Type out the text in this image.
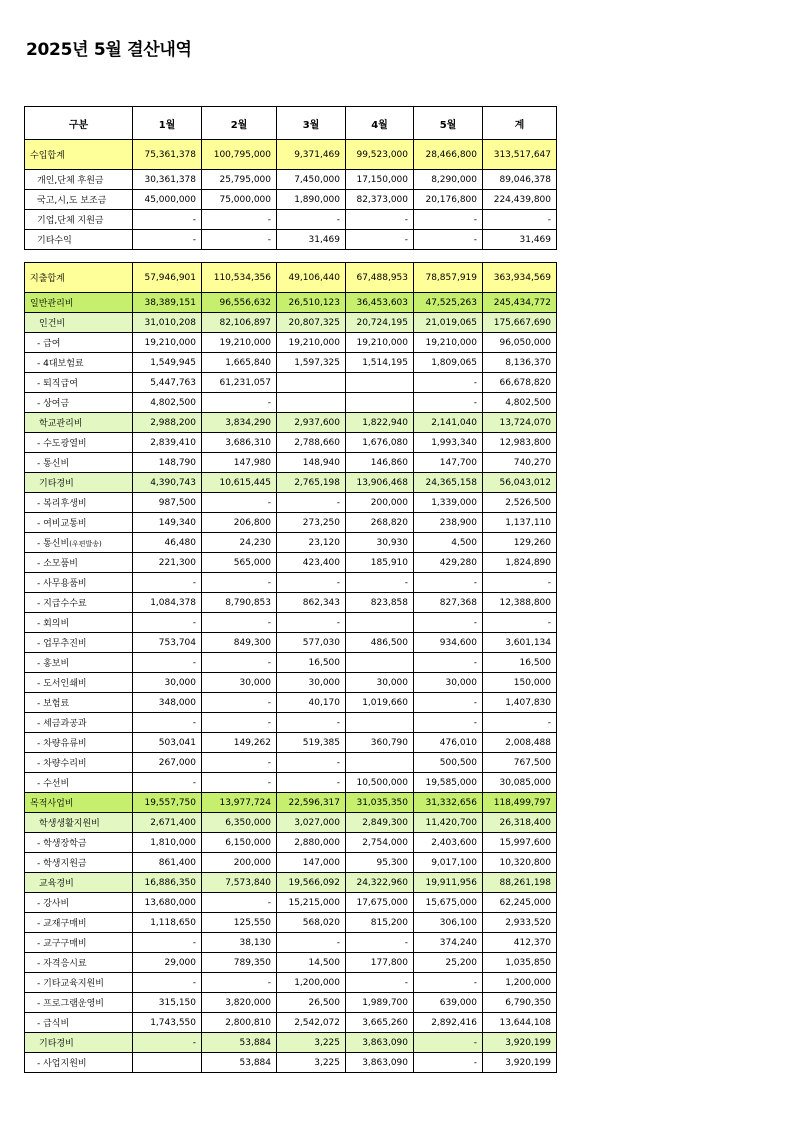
2025년 5월 결산내역
구분	1월	2월	3월	4월	5월	계
수입합계	75,361,378	100,795,000	9,371,469	99,523,000	28,466,800	313,517,647
개인,단체 후원금	30,361,378	25,795,000	7,450,000	17,150,000	8,290,000	89,046,378
국고,시,도 보조금	45,000,000	75,000,000	1,890,000	82,373,000	20,176,800	224,439,800
기업,단체 지원금	-	-	-	-	-	-
기타수익	-	-	31,469	-	-	31,469
지출합계	57,946,901	110,534,356	49,106,440	67,488,953	78,857,919	363,934,569
일반관리비	38,389,151	96,556,632	26,510,123	36,453,603	47,525,263	245,434,772
인건비	31,010,208	82,106,897	20,807,325	20,724,195	21,019,065	175,667,690
- 급여	19,210,000	19,210,000	19,210,000	19,210,000	19,210,000	96,050,000
- 4대보험료	1,549,945	1,665,840	1,597,325	1,514,195	1,809,065	8,136,370
- 퇴직급여	5,447,763	61,231,057			-	66,678,820
- 상여금	4,802,500	-			-	4,802,500
학교관리비	2,988,200	3,834,290	2,937,600	1,822,940	2,141,040	13,724,070
- 수도광열비	2,839,410	3,686,310	2,788,660	1,676,080	1,993,340	12,983,800
- 통신비	148,790	147,980	148,940	146,860	147,700	740,270
기타경비	4,390,743	10,615,445	2,765,198	13,906,468	24,365,158	56,043,012
- 복리후생비	987,500	-	-	200,000	1,339,000	2,526,500
- 여비교통비	149,340	206,800	273,250	268,820	238,900	1,137,110
- 통신비(우편발송)	46,480	24,230	23,120	30,930	4,500	129,260
- 소모품비	221,300	565,000	423,400	185,910	429,280	1,824,890
- 사무용품비	-	-	-	-	-	-
- 지급수수료	1,084,378	8,790,853	862,343	823,858	827,368	12,388,800
- 회의비	-	-	-		-	-
- 업무추진비	753,704	849,300	577,030	486,500	934,600	3,601,134
- 홍보비	-	-	16,500		-	16,500
- 도서인쇄비	30,000	30,000	30,000	30,000	30,000	150,000
- 보험료	348,000	-	40,170	1,019,660	-	1,407,830
- 세금과공과	-	-	-		-	-
- 차량유류비	503,041	149,262	519,385	360,790	476,010	2,008,488
- 차량수리비	267,000	-	-		500,500	767,500
- 수선비	-	-	-	10,500,000	19,585,000	30,085,000
목적사업비	19,557,750	13,977,724	22,596,317	31,035,350	31,332,656	118,499,797
학생생활지원비	2,671,400	6,350,000	3,027,000	2,849,300	11,420,700	26,318,400
- 학생장학금	1,810,000	6,150,000	2,880,000	2,754,000	2,403,600	15,997,600
- 학생지원금	861,400	200,000	147,000	95,300	9,017,100	10,320,800
교육경비	16,886,350	7,573,840	19,566,092	24,322,960	19,911,956	88,261,198
- 강사비	13,680,000	-	15,215,000	17,675,000	15,675,000	62,245,000
- 교재구매비	1,118,650	125,550	568,020	815,200	306,100	2,933,520
- 교구구매비	-	38,130	-	-	374,240	412,370
- 자격응시료	29,000	789,350	14,500	177,800	25,200	1,035,850
- 기타교육지원비	-	-	1,200,000	-	-	1,200,000
- 프로그램운영비	315,150	3,820,000	26,500	1,989,700	639,000	6,790,350
- 급식비	1,743,550	2,800,810	2,542,072	3,665,260	2,892,416	13,644,108
기타경비	-	53,884	3,225	3,863,090	-	3,920,199
- 사업지원비		53,884	3,225	3,863,090	-	3,920,199
